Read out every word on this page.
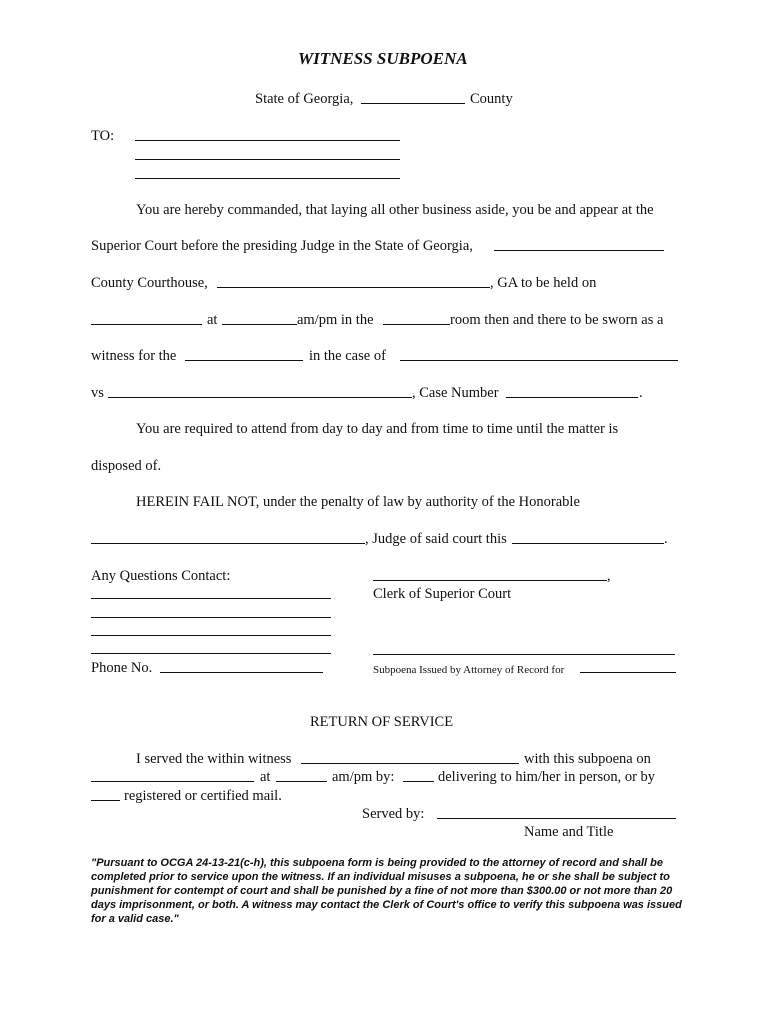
WITNESS SUBPOENA
State of Georgia,	County
TO:
You are hereby commanded, that laying all other business aside, you be and appear at the
Superior Court before the presiding Judge in the State of Georgia,
County Courthouse,	, GA to be held on
at	am/pm in the	room then and there to be sworn as a
witness for the	in the case of
vs	, Case Number	.
You are required to attend from day to day and from time to time until the matter is
disposed of.
HEREIN FAIL NOT, under the penalty of law by authority of the Honorable
, Judge of said court this	.
Any Questions Contact:
Phone No.
,
Clerk of Superior Court
Subpoena Issued by Attorney of Record for
RETURN OF SERVICE
I served the within witness	with this subpoena on
at	am/pm by:	delivering to him/her in person, or by
registered or certified mail.
Served by:
Name and Title
"Pursuant to OCGA 24-13-21(c-h), this subpoena form is being provided to the attorney of record and shall be completed prior to service upon the witness. If an individual misuses a subpoena, he or she shall be subject to punishment for contempt of court and shall be punished by a fine of not more than $300.00 or not more than 20 days imprisonment, or both. A witness may contact the Clerk of Court's office to verify this subpoena was issued for a valid case."
